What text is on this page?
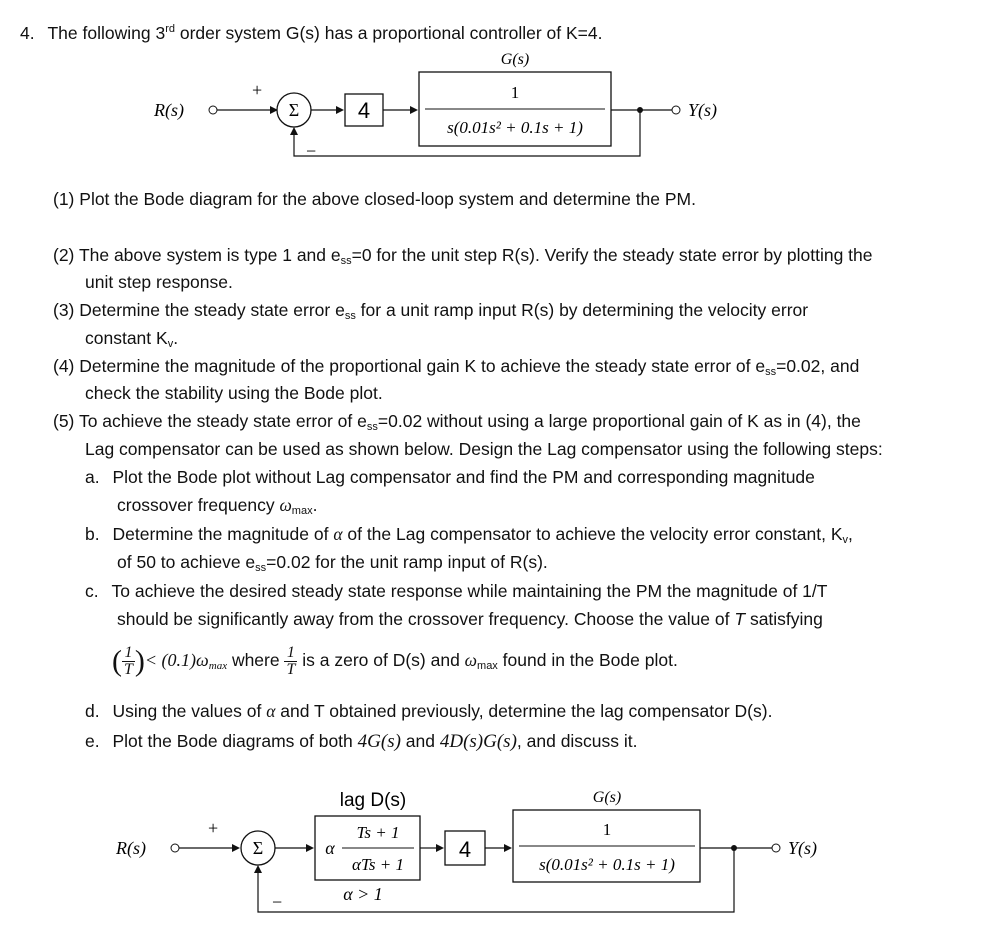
4. The following 3rd order system G(s) has a proportional controller of K=4.
G(s)
R(s)
+
Σ	4
1
s(0.01s² + 0.1s + 1)
Y(s)
−
(1) Plot the Bode diagram for the above closed-loop system and determine the PM.
(2) The above system is type 1 and $e_{ss}=0$ for the unit step R(s). Verify the steady state error by plotting the
unit step response.
(3) Determine the steady state error $e_{ss}$ for a unit ramp input R(s) by determining the velocity error
constant $K_v$.
(4) Determine the magnitude of the proportional gain K to achieve the steady state error of $e_{ss}=0.02$, and
check the stability using the Bode plot.
(5) To achieve the steady state error of $e_{ss}=0.02$ without using a large proportional gain of K as in (4), the
Lag compensator can be used as shown below. Design the Lag compensator using the following steps:
a. Plot the Bode plot without Lag compensator and find the PM and corresponding magnitude
crossover frequency $\omega_{max}$.
b. Determine the magnitude of α of the Lag compensator to achieve the velocity error constant, $K_v$,
of 50 to achieve $e_{ss}=0.02$ for the unit ramp input of R(s).
c. To achieve the desired steady state response while maintaining the PM the magnitude of 1/T
should be significantly away from the crossover frequency. Choose the value of T satisfying
( $\frac{1}{T}$ )< $(0.1)\omega_{max}$ where $\frac{1}{T}$ is a zero of D(s) and $\omega_{max}$ found in the Bode plot.
d. Using the values of α and T obtained previously, determine the lag compensator D(s).
e. Plot the Bode diagrams of both 4G(s) and 4D(s)G(s), and discuss it.
lag D(s)	G(s)
R(s)
+
Σ	α
Ts + 1
αTs + 1
α > 1
4
1
s(0.01s² + 0.1s + 1)
Y(s)
−
